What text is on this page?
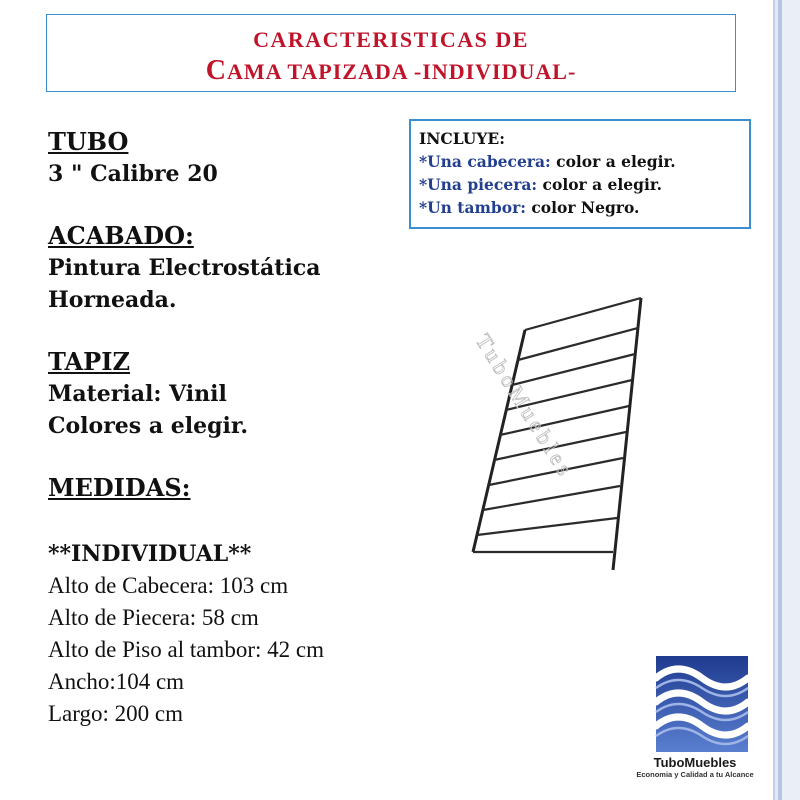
CARACTERISTICAS DE
CAMA TAPIZADA -INDIVIDUAL-
TUBO
3 " Calibre 20
ACABADO:
Pintura Electrostática
Horneada.
TAPIZ
Material: Vinil
Colores a elegir.
MEDIDAS:
**INDIVIDUAL**
Alto de Cabecera: 103 cm
Alto de Piecera: 58 cm
Alto de Piso al tambor: 42 cm
Ancho:104 cm
Largo: 200 cm
INCLUYE:
*Una cabecera: color a elegir.
*Una piecera: color a elegir.
*Un tambor: color Negro.
TuboMuebles
TuboMuebles
Economia y Calidad a tu Alcance
